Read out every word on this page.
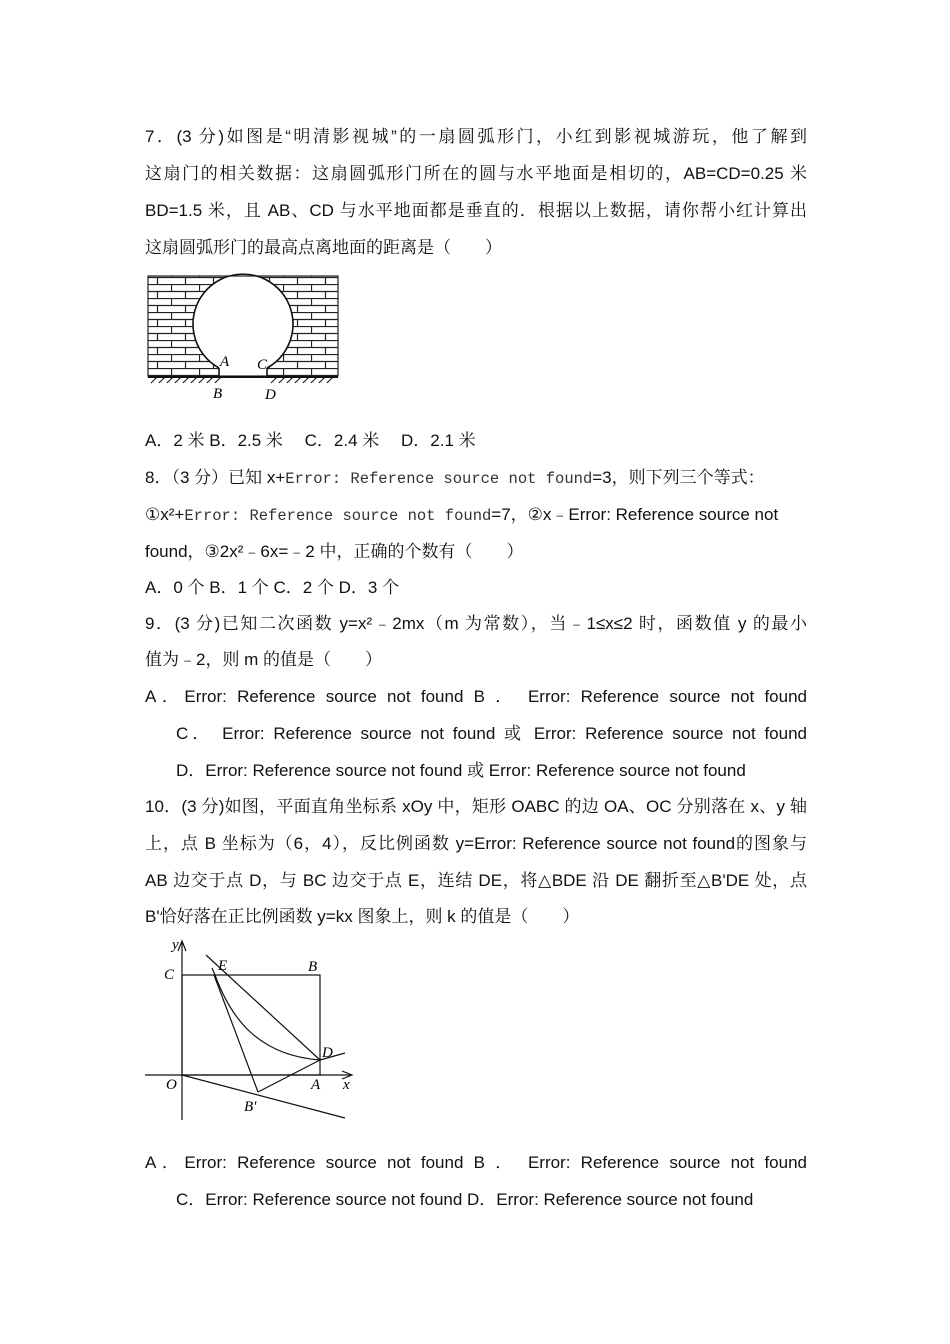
7．(3 分)如图是“明清影视城”的一扇圆弧形门，小红到影视城游玩，他了解到
这扇门的相关数据：这扇圆弧形门所在的圆与水平地面是相切的，AB=CD=0.25 米
BD=1.5 米，且 AB、CD 与水平地面都是垂直的．根据以上数据，请你帮小红计算出
这扇圆弧形门的最高点离地面的距离是（　　）
A C
B	D
A．2 米 B．2.5 米　 C．2.4 米　 D．2.1 米
8．（3 分）已知 x+Error: Reference source not found=3，则下列三个等式：
①x²+Error: Reference source not found=7，②x﹣Error: Reference source not
found，③2x²﹣6x=﹣2 中，正确的个数有（　　）
A．0 个 B．1 个 C．2 个 D．3 个
9．(3 分)已知二次函数 y=x²﹣2mx（m 为常数），当﹣1≤x≤2 时，函数值 y 的最小
值为﹣2，则 m 的值是（　　）
A．Error: Reference source not found B ． Error: Reference source not found
C． Error: Reference source not found 或 Error: Reference source not found
D．Error: Reference source not found 或 Error: Reference source not found
10．(3 分)如图，平面直角坐标系 xOy 中，矩形 OABC 的边 OA、OC 分别落在 x、y 轴
上，点 B 坐标为（6，4），反比例函数 y=Error: Reference source not found的图象与
AB 边交于点 D，与 BC 边交于点 E，连结 DE，将△BDE 沿 DE 翻折至△B'DE 处，点
B'恰好落在正比例函数 y=kx 图象上，则 k 的值是（　　）
y
C
E	B
D
O	A x
B'
A．Error: Reference source not found B ． Error: Reference source not found
C．Error: Reference source not found D．Error: Reference source not found
